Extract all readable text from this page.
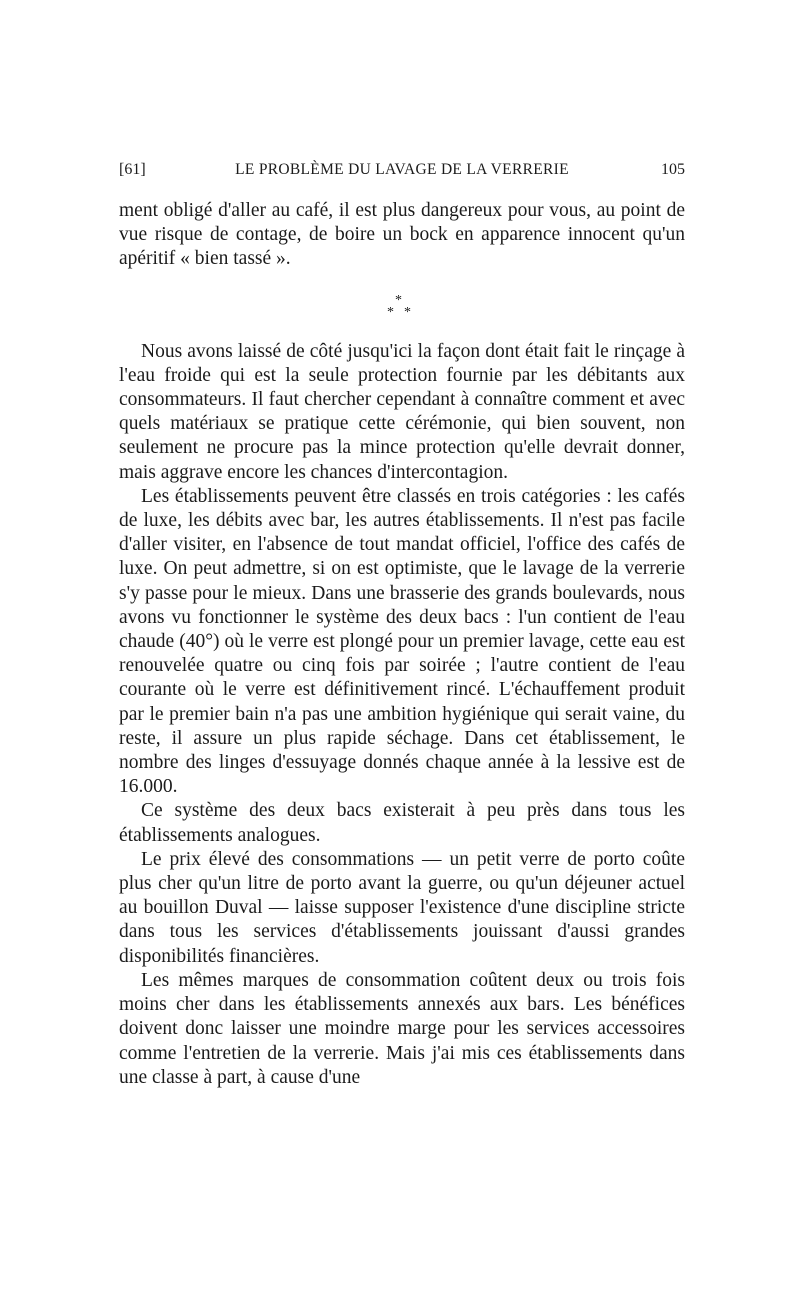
LE PROBLÈME DU LAVAGE DE LA VERRERIE
[61]	105

ment obligé d'aller au café, il est plus dangereux pour vous, au point de vue risque de contage, de boire un bock en apparence innocent qu'un apéritif « bien tassé ».

*
* *

Nous avons laissé de côté jusqu'ici la façon dont était fait le rinçage à l'eau froide qui est la seule protection fournie par les débitants aux consommateurs. Il faut chercher cependant à connaître comment et avec quels matériaux se pratique cette cérémonie, qui bien souvent, non seulement ne procure pas la mince protection qu'elle devrait donner, mais aggrave encore les chances d'intercontagion.

Les établissements peuvent être classés en trois catégories : les cafés de luxe, les débits avec bar, les autres établissements. Il n'est pas facile d'aller visiter, en l'absence de tout mandat officiel, l'office des cafés de luxe. On peut admettre, si on est optimiste, que le lavage de la verrerie s'y passe pour le mieux. Dans une brasserie des grands boulevards, nous avons vu fonctionner le système des deux bacs : l'un contient de l'eau chaude (40°) où le verre est plongé pour un premier lavage, cette eau est renouvelée quatre ou cinq fois par soirée ; l'autre contient de l'eau courante où le verre est définitivement rincé. L'échauffement produit par le premier bain n'a pas une ambition hygiénique qui serait vaine, du reste, il assure un plus rapide séchage. Dans cet établissement, le nombre des linges d'essuyage donnés chaque année à la lessive est de 16.000.

Ce système des deux bacs existerait à peu près dans tous les établissements analogues.

Le prix élevé des consommations — un petit verre de porto coûte plus cher qu'un litre de porto avant la guerre, ou qu'un déjeuner actuel au bouillon Duval — laisse supposer l'existence d'une discipline stricte dans tous les services d'établissements jouissant d'aussi grandes disponibilités financières.

Les mêmes marques de consommation coûtent deux ou trois fois moins cher dans les établissements annexés aux bars. Les bénéfices doivent donc laisser une moindre marge pour les services accessoires comme l'entretien de la verrerie. Mais j'ai mis ces établissements dans une classe à part, à cause d'une
